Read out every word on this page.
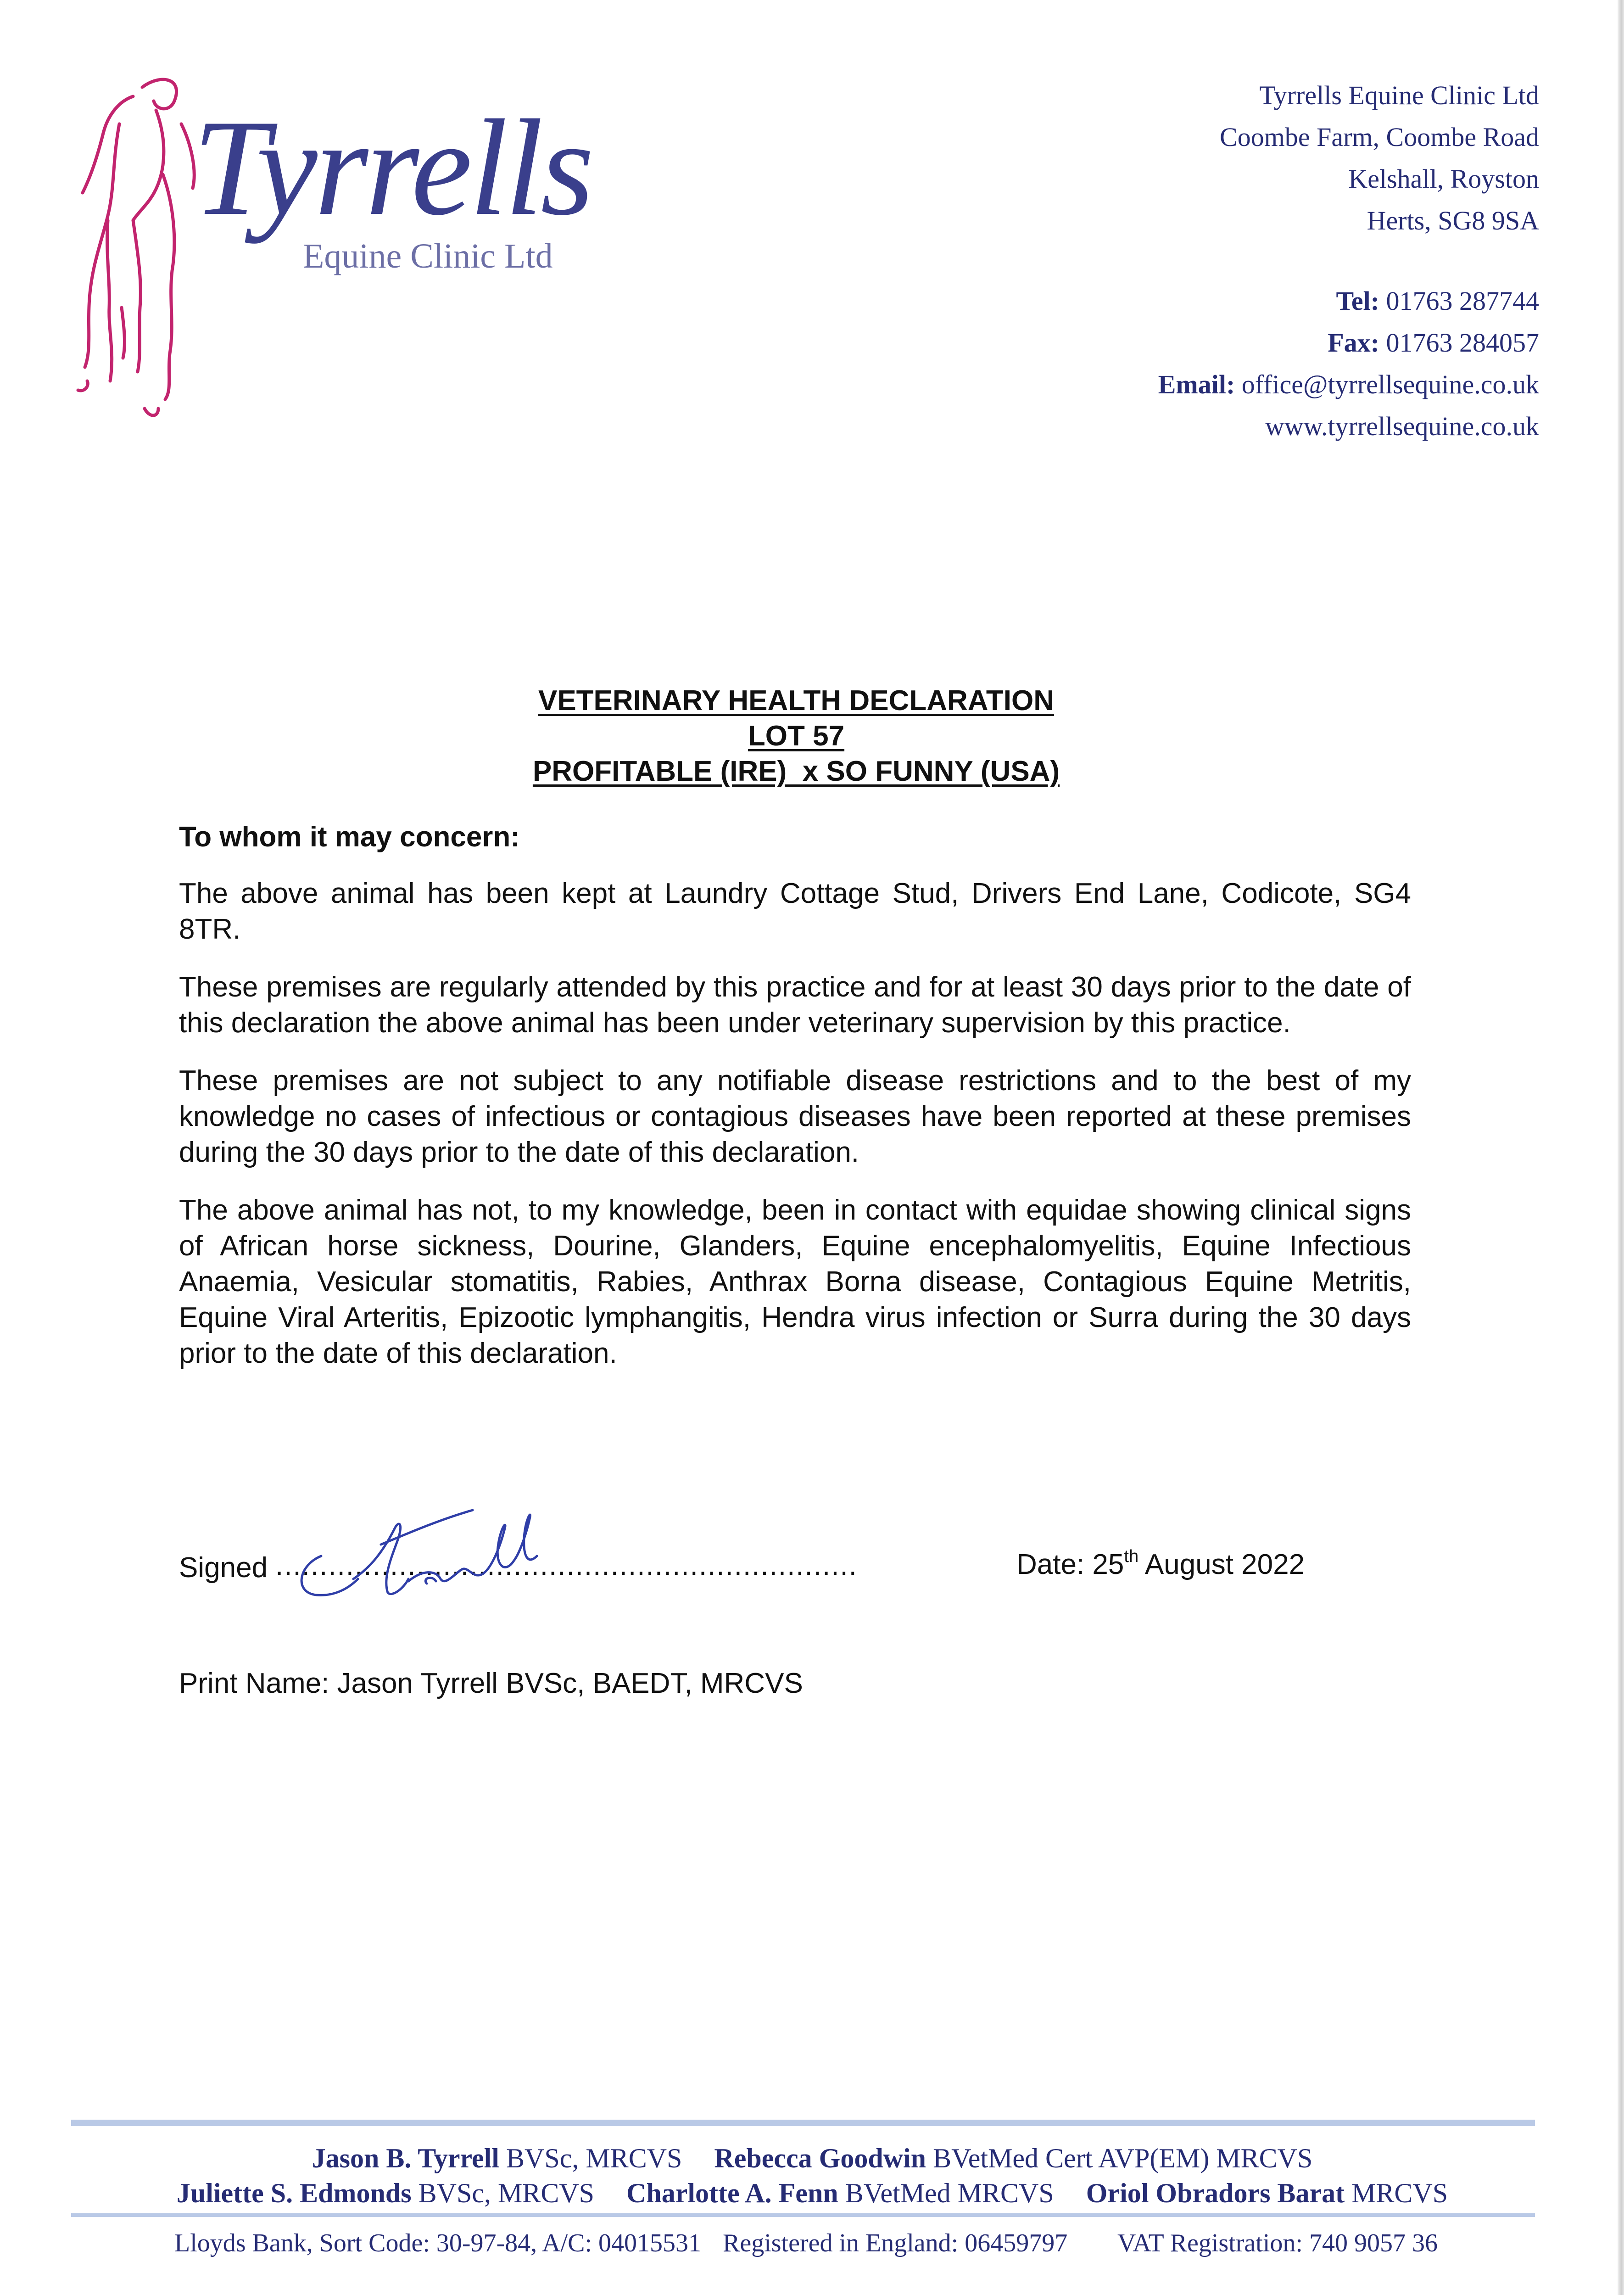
Tyrrells
Equine Clinic Ltd
Tyrrells Equine Clinic Ltd
Coombe Farm, Coombe Road
Kelshall, Royston
Herts, SG8 9SA
Tel: 01763 287744
Fax: 01763 284057
Email: office@tyrrellsequine.co.uk
www.tyrrellsequine.co.uk
VETERINARY HEALTH DECLARATION
LOT 57
PROFITABLE (IRE)  x SO FUNNY (USA)
To whom it may concern:

The above animal has been kept at Laundry Cottage Stud, Drivers End Lane, Codicote, SG4 8TR.

These premises are regularly attended by this practice and for at least 30 days prior to the date of this declaration the above animal has been under veterinary supervision by this practice.

These premises are not subject to any notifiable disease restrictions and to the best of my knowledge no cases of infectious or contagious diseases have been reported at these premises during the 30 days prior to the date of this declaration.

The above animal has not, to my knowledge, been in contact with equidae showing clinical signs of African horse sickness, Dourine, Glanders, Equine encephalomyelitis, Equine Infectious Anaemia, Vesicular stomatitis, Rabies, Anthrax Borna disease, Contagious Equine Metritis, Equine Viral Arteritis, Epizootic lymphangitis, Hendra virus infection or Surra during the 30 days prior to the date of this declaration.

Signed ..................................................................	Date: 25th August 2022
Print Name: Jason Tyrrell BVSc, BAEDT, MRCVS
Jason B. Tyrrell BVSc, MRCVS Rebecca Goodwin BVetMed Cert AVP(EM) MRCVS
Juliette S. Edmonds BVSc, MRCVS Charlotte A. Fenn BVetMed MRCVS Oriol Obradors Barat MRCVS
Lloyds Bank, Sort Code: 30-97-84, A/C: 04015531 Registered in England: 06459797 VAT Registration: 740 9057 36
